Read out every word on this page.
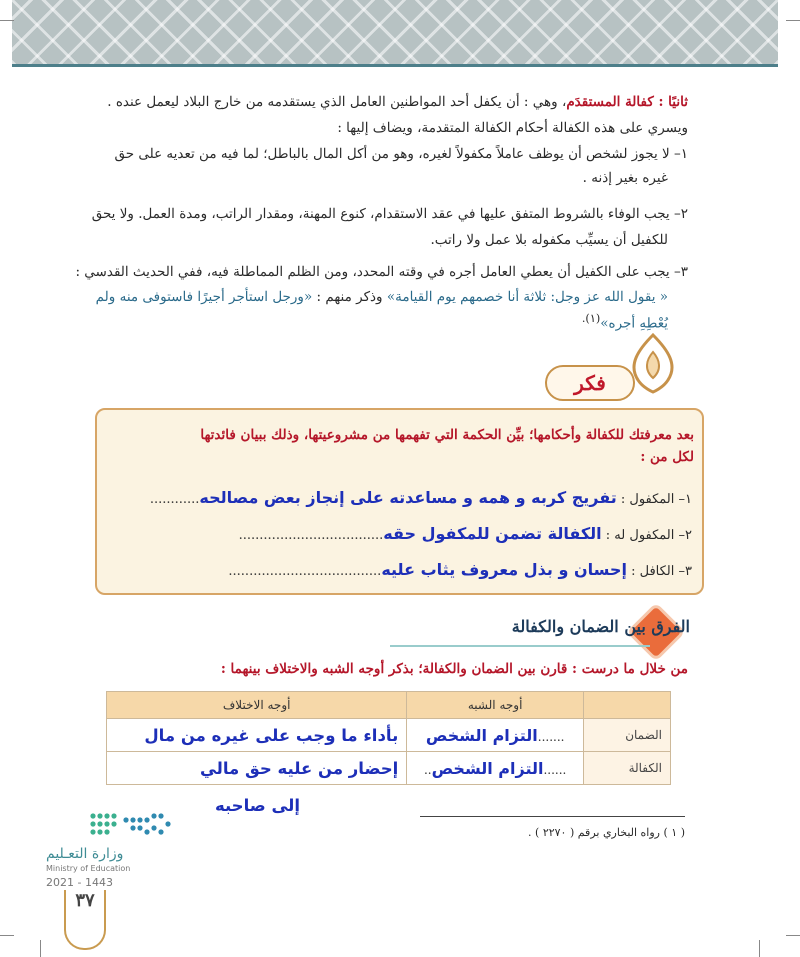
ثانيًا : كفالة المستقدَم، وهي : أن يكفل أحد المواطنين العامل الذي يستقدمه من خارج البلاد ليعمل عنده .
ويسري على هذه الكفالة أحكام الكفالة المتقدمة، ويضاف إليها :
١– لا يجوز لشخص أن يوظف عاملاً مكفولاً لغيره، وهو من أكل المال بالباطل؛ لما فيه من تعديه على حق
غيره بغير إذنه .
٢– يجب الوفاء بالشروط المتفق عليها في عقد الاستقدام، كنوع المهنة، ومقدار الراتب، ومدة العمل. ولا يحق
للكفيل أن يسيِّب مكفوله بلا عمل ولا راتب.
٣– يجب على الكفيل أن يعطي العامل أجره في وقته المحدد، ومن الظلم المماطلة فيه، ففي الحديث القدسي :
« يقول الله عز وجل: ثلاثة أنا خصمهم يوم القيامة» وذكر منهم : «ورجل استأجر أجيرًا فاستوفى منه ولم
يُعْطِهِ أجره»$^{(١).}$
فكر
بعد معرفتك للكفالة وأحكامها؛ بيِّن الحكمة التي تفهمها من مشروعيتها، وذلك ببيان فائدتها
لكل من :
١– المكفول : تفريج كربه و همه و مساعدته على إنجاز بعض مصالحه............
٢– المكفول له : الكفالة تضمن للمكفول حقه...................................
٣– الكافل : إحسان و بذل معروف يثاب عليه.....................................
الفرق بين الضمان والكفالة
من خلال ما درست : قارن بين الضمان والكفالة؛ بذكر أوجه الشبه والاختلاف بينهما :
	أوجه الشبه	أوجه الاختلاف
الضمان	.......التزام الشخص	بأداء ما وجب على غيره من مال
الكفالة	......التزام الشخص..	إحضار من عليه حق مالي
إلى صاحبه
( ١ ) رواه البخاري برقم ( ٢٢٧٠ ) .
وزارة التعـليم
Ministry of Education
2021 - 1443
٣٧
